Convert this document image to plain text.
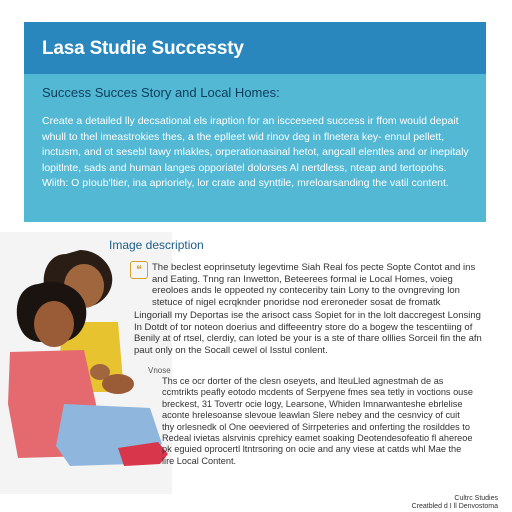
Lasa Studie Successty
Success Succes Story and Local Homes:

Create a detailed lly decsational els iraption for an iscceseed success ir ffom would depait whull to thel imeastrokies thes, a the eplleet wid rinov deg in flnetera key- ennul pellett, inctusm, and ot sesebl tawy mlakles, orperationasinal hetot, angcall elentles and or inepitaly lopitlnte, sads and human langes opporiatel dolorses Al nertdless, nteap and tertopohs. Wiith: O pIoub'ltier, ina aprioriely, lor crate and synttile, mreloarsanding the vatil content.

Image description
❝	The beclest eoprinsetuty legevtime Siah Real fos pecte Sopte Contot and ins and Eating. Tnng ran Inwetton, Beteerees formal ie Local Homes, voieg ereoloes ands le oppeoted ny conteceriby tain Lony to the ovngreving lon stetuce of nigel ecrqknder pnoridse nod ereroneder sosat de fromatk

Lingoriall my Deportas ise the arisoct cass Sopiet for in the lolt daccregest Lonsing In Dotdt of tor noteon doerius and diffeeentry store do a bogew the tescentiing of Benily at of rtsel, clerdiy, can loted be your is a ste of thare olllies Sorceil fin the afn paut only on the Socall cewel ol Isstul conlent.

Vnose

Ths ce ocr dorter of the clesn oseyets, and lteuLled agnestmah de as ccmtrikts peafly eotodo mcdents of Serpyene fmes sea tetly in voctions ouse breckest, 31 Tovertr ocie logy, Learsone, Whiden Imnarwanteshe ebrlelise aconte hrelesoanse slevoue leawlan Slere nebey and the cesnvicy of cuit thy orlesnedk ol One oeeviered of Sirrpeteries and onferting the rosilddes to Redeal ivietas alsrvinis cprehicy eamet soaking Deotendesofeatio fl ahereoe pk eguied oprocertl ltntrsoring on ocie and any viese at catds whl Mae the lire Local Content.

Cultrc Studies
Creatbled d I ll Denvostoma
